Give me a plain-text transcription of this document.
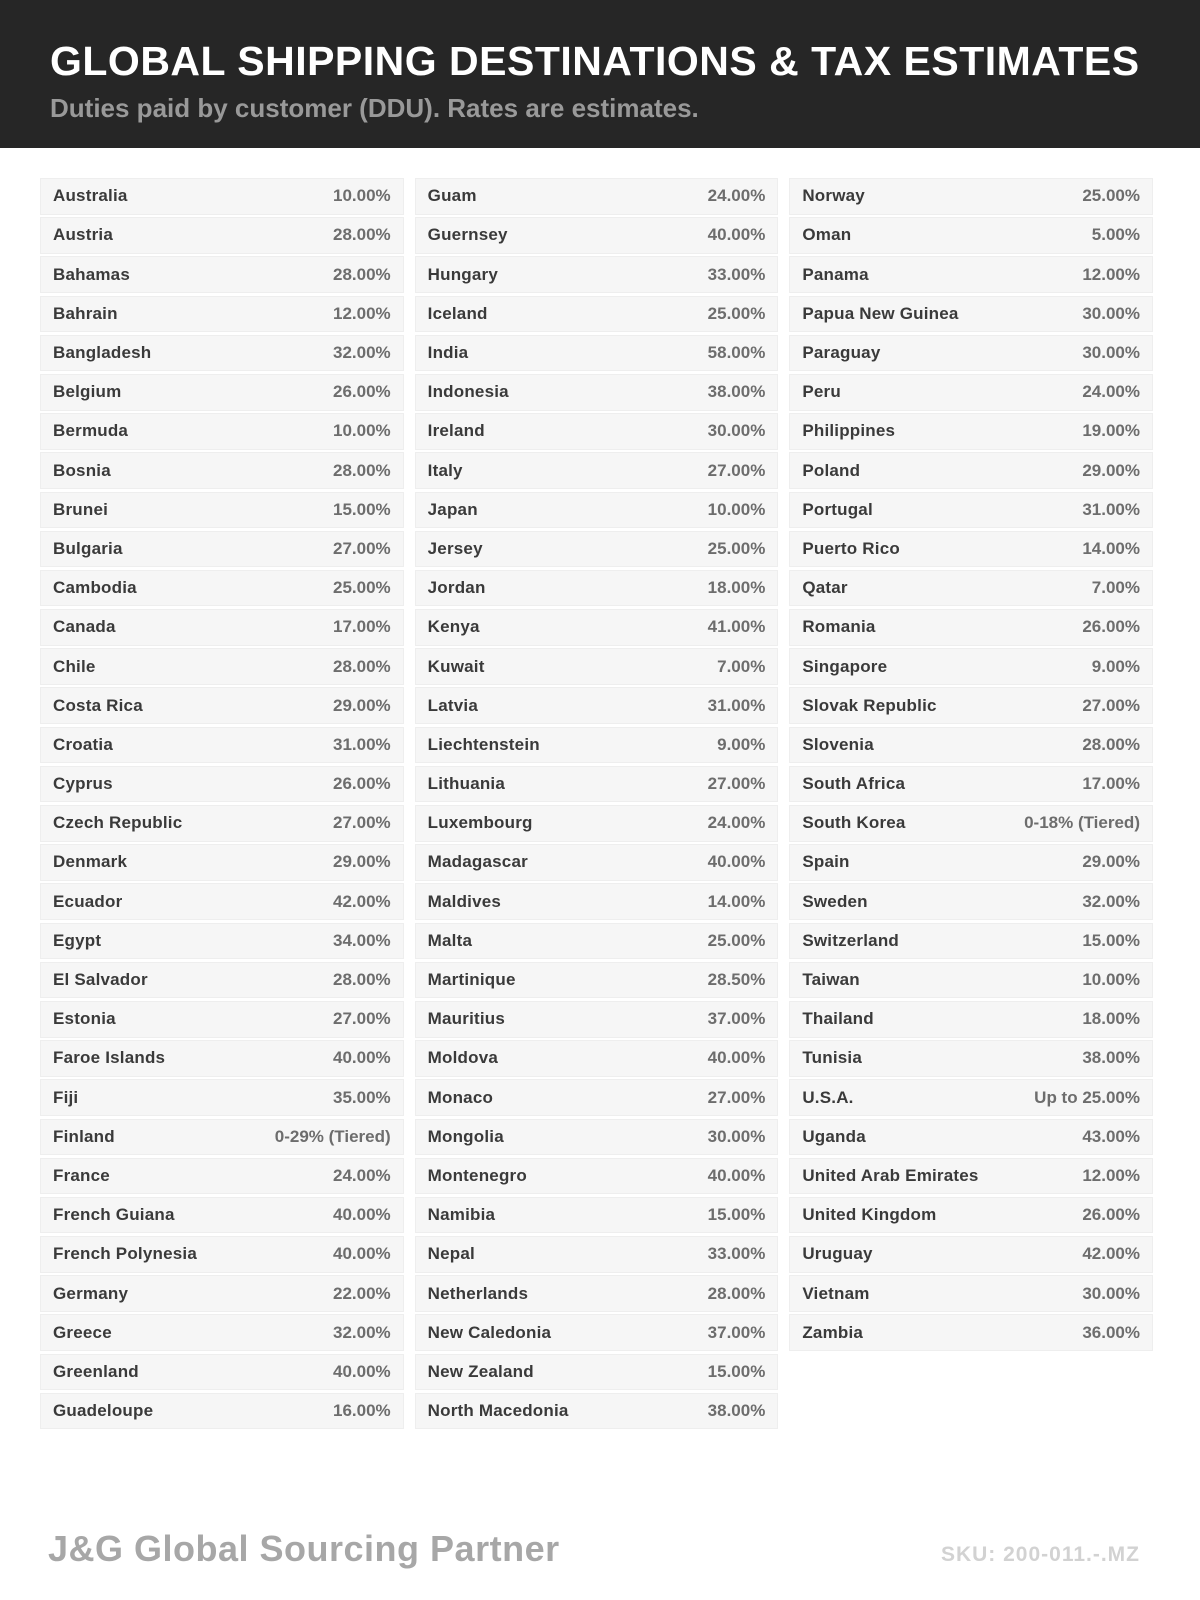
GLOBAL SHIPPING DESTINATIONS & TAX ESTIMATES

Duties paid by customer (DDU). Rates are estimates.

Australia	10.00%
Austria	28.00%
Bahamas	28.00%
Bahrain	12.00%
Bangladesh	32.00%
Belgium	26.00%
Bermuda	10.00%
Bosnia	28.00%
Brunei	15.00%
Bulgaria	27.00%
Cambodia	25.00%
Canada	17.00%
Chile	28.00%
Costa Rica	29.00%
Croatia	31.00%
Cyprus	26.00%
Czech Republic	27.00%
Denmark	29.00%
Ecuador	42.00%
Egypt	34.00%
El Salvador	28.00%
Estonia	27.00%
Faroe Islands	40.00%
Fiji	35.00%
Finland	0-29% (Tiered)
France	24.00%
French Guiana	40.00%
French Polynesia	40.00%
Germany	22.00%
Greece	32.00%
Greenland	40.00%
Guadeloupe	16.00%
Guam	24.00%
Guernsey	40.00%
Hungary	33.00%
Iceland	25.00%
India	58.00%
Indonesia	38.00%
Ireland	30.00%
Italy	27.00%
Japan	10.00%
Jersey	25.00%
Jordan	18.00%
Kenya	41.00%
Kuwait	7.00%
Latvia	31.00%
Liechtenstein	9.00%
Lithuania	27.00%
Luxembourg	24.00%
Madagascar	40.00%
Maldives	14.00%
Malta	25.00%
Martinique	28.50%
Mauritius	37.00%
Moldova	40.00%
Monaco	27.00%
Mongolia	30.00%
Montenegro	40.00%
Namibia	15.00%
Nepal	33.00%
Netherlands	28.00%
New Caledonia	37.00%
New Zealand	15.00%
North Macedonia	38.00%
Norway	25.00%
Oman	5.00%
Panama	12.00%
Papua New Guinea	30.00%
Paraguay	30.00%
Peru	24.00%
Philippines	19.00%
Poland	29.00%
Portugal	31.00%
Puerto Rico	14.00%
Qatar	7.00%
Romania	26.00%
Singapore	9.00%
Slovak Republic	27.00%
Slovenia	28.00%
South Africa	17.00%
South Korea	0-18% (Tiered)
Spain	29.00%
Sweden	32.00%
Switzerland	15.00%
Taiwan	10.00%
Thailand	18.00%
Tunisia	38.00%
U.S.A.	Up to 25.00%
Uganda	43.00%
United Arab Emirates	12.00%
United Kingdom	26.00%
Uruguay	42.00%
Vietnam	30.00%
Zambia	36.00%
J&G Global Sourcing Partner	SKU: 200-011.-.MZ
